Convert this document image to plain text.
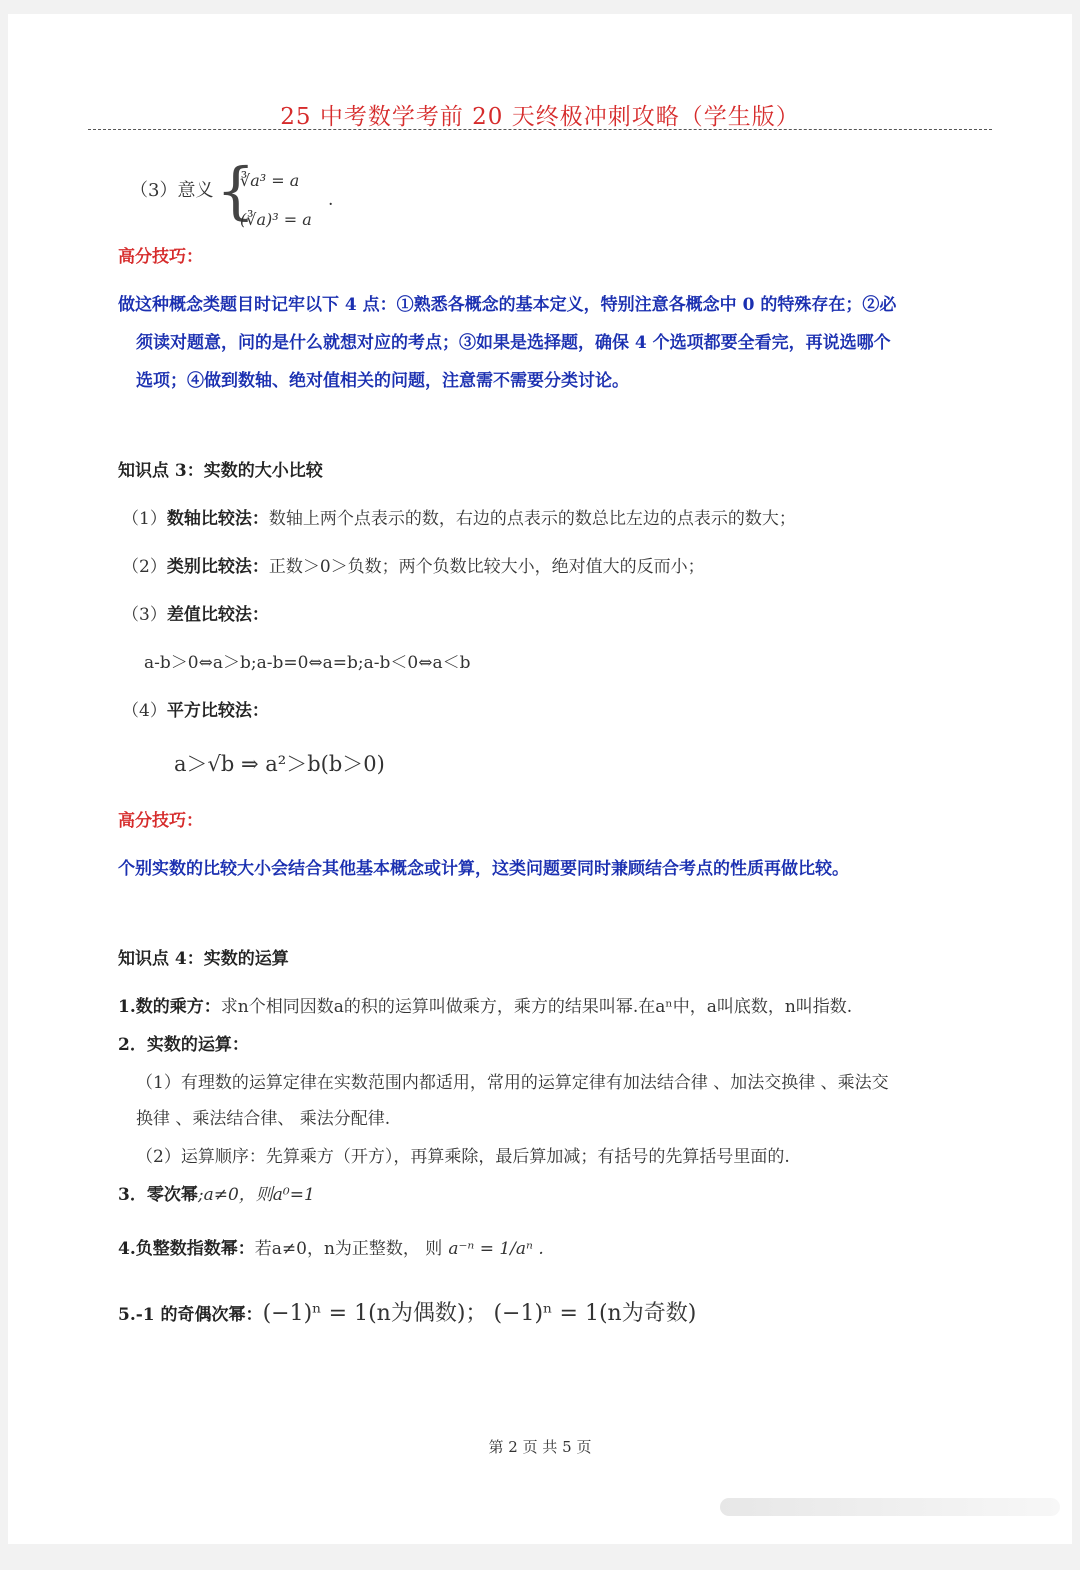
25 中考数学考前 20 天终极冲刺攻略（学生版）
（3）意义 {
∛a³ = a
(∛a)³ = a
.
高分技巧：
做这种概念类题目时记牢以下 4 点：①熟悉各概念的基本定义，特别注意各概念中 0 的特殊存在；②必
须读对题意，问的是什么就想对应的考点；③如果是选择题，确保 4 个选项都要全看完，再说选哪个
选项；④做到数轴、绝对值相关的问题，注意需不需要分类讨论。
知识点 3：实数的大小比较
（1）数轴比较法：数轴上两个点表示的数，右边的点表示的数总比左边的点表示的数大；
（2）类别比较法：正数＞0＞负数；两个负数比较大小，绝对值大的反而小；
（3）差值比较法：
a-b＞0⇔a＞b;a-b=0⇔a=b;a-b＜0⇔a＜b
（4）平方比较法：
a＞√b ⇒ a²＞b(b＞0)
高分技巧：
个别实数的比较大小会结合其他基本概念或计算，这类问题要同时兼顾结合考点的性质再做比较。
知识点 4：实数的运算
1.数的乘方：求n个相同因数a的积的运算叫做乘方，乘方的结果叫幂.在aⁿ中，a叫底数，n叫指数.
2．实数的运算：
（1）有理数的运算定律在实数范围内都适用，常用的运算定律有加法结合律 、加法交换律 、乘法交
换律 、乘法结合律、 乘法分配律.
（2）运算顺序：先算乘方（开方），再算乘除，最后算加减；有括号的先算括号里面的.
3．零次幂;a≠0，则a⁰=1
4.负整数指数幂：若a≠0，n为正整数， 则 a⁻ⁿ = 1/aⁿ .
5.-1 的奇偶次幂：(−1)ⁿ = 1(n为偶数)； (−1)ⁿ = 1(n为奇数)
第 2 页 共 5 页
